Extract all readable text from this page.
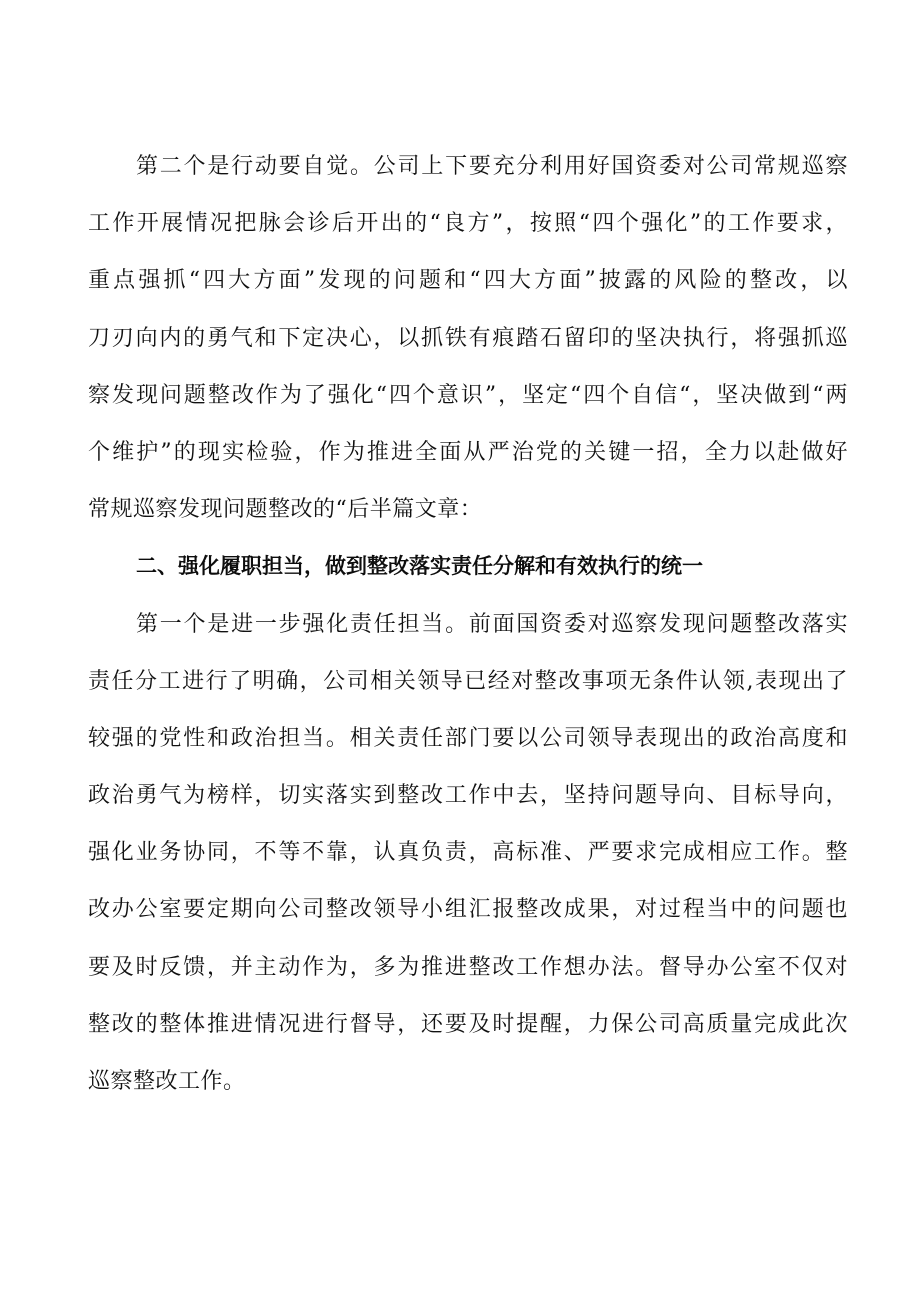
第二个是行动要自觉。公司上下要充分利用好国资委对公司常规巡察
工作开展情况把脉会诊后开出的“良方”，按照“四个强化”的工作要求，
重点强抓“四大方面”发现的问题和“四大方面”披露的风险的整改，以
刀刃向内的勇气和下定决心，以抓铁有痕踏石留印的坚决执行，将强抓巡
察发现问题整改作为了强化“四个意识”，坚定“四个自信“，坚决做到“两
个维护”的现实检验，作为推进全面从严治党的关键一招，全力以赴做好
常规巡察发现问题整改的“后半篇文章：
二、强化履职担当，做到整改落实责任分解和有效执行的统一
第一个是进一步强化责任担当。前面国资委对巡察发现问题整改落实
责任分工进行了明确，公司相关领导已经对整改事项无条件认领,表现出了
较强的党性和政治担当。相关责任部门要以公司领导表现出的政治高度和
政治勇气为榜样，切实落实到整改工作中去，坚持问题导向、目标导向，
强化业务协同，不等不靠，认真负责，高标准、严要求完成相应工作。整
改办公室要定期向公司整改领导小组汇报整改成果，对过程当中的问题也
要及时反馈，并主动作为，多为推进整改工作想办法。督导办公室不仅对
整改的整体推进情况进行督导，还要及时提醒，力保公司高质量完成此次
巡察整改工作。
